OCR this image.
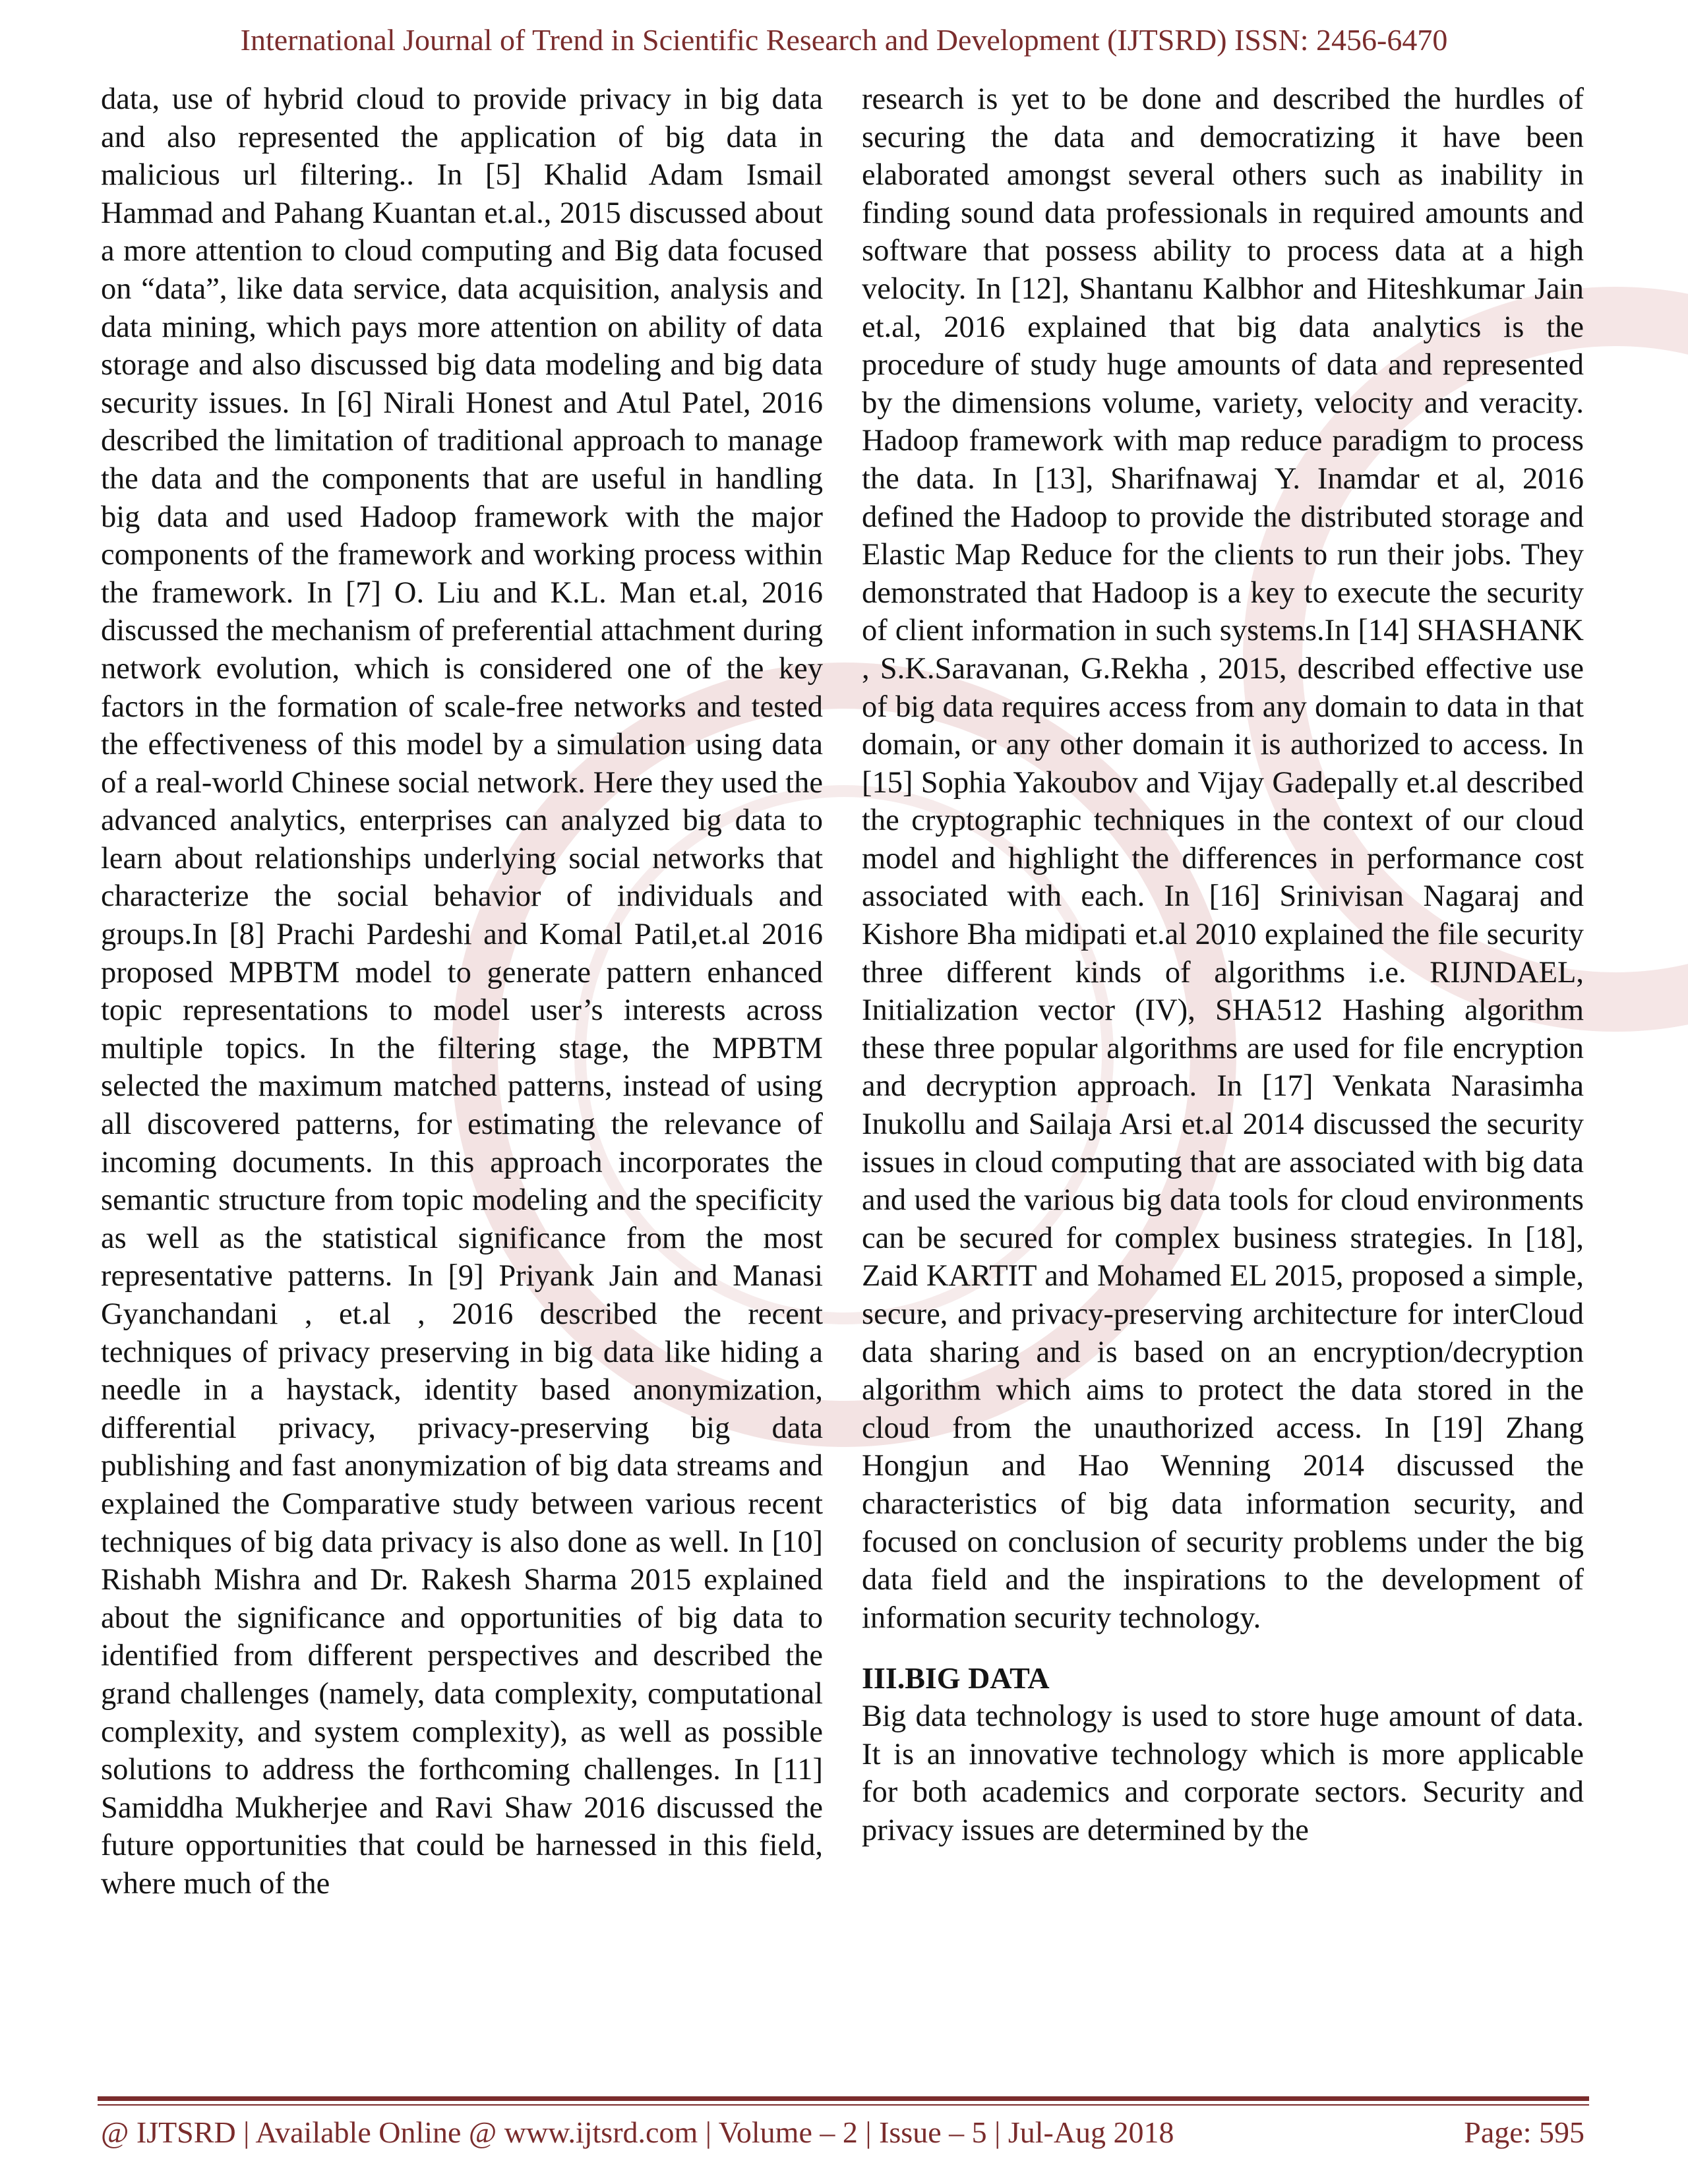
International Journal of Trend in Scientific Research and Development (IJTSRD) ISSN: 2456-6470

data, use of hybrid cloud to provide privacy in big data and also represented the application of big data in malicious url filtering.. In [5] Khalid Adam Ismail Hammad and Pahang Kuantan et.al., 2015 discussed about a more attention to cloud computing and Big data focused on “data”, like data service, data acquisition, analysis and data mining, which pays more attention on ability of data storage and also discussed big data modeling and big data security issues. In [6] Nirali Honest and Atul Patel, 2016 described the limitation of traditional approach to manage the data and the components that are useful in handling big data and used Hadoop framework with the major components of the framework and working process within the framework. In [7] O. Liu and K.L. Man et.al, 2016 discussed the mechanism of preferential attachment during network evolution, which is considered one of the key factors in the formation of scale-free networks and tested the effectiveness of this model by a simulation using data of a real-world Chinese social network. Here they used the advanced analytics, enterprises can analyzed big data to learn about relationships underlying social networks that characterize the social behavior of individuals and groups.In [8] Prachi Pardeshi and Komal Patil,et.al 2016 proposed MPBTM model to generate pattern enhanced topic representations to model user’s interests across multiple topics. In the filtering stage, the MPBTM selected the maximum matched patterns, instead of using all discovered patterns, for estimating the relevance of incoming documents. In this approach incorporates the semantic structure from topic modeling and the specificity as well as the statistical significance from the most representative patterns. In [9] Priyank Jain and Manasi Gyanchandani , et.al , 2016 described the recent techniques of privacy preserving in big data like hiding a needle in a haystack, identity based anonymization, differential privacy, privacy-preserving big data publishing and fast anonymization of big data streams and explained the Comparative study between various recent techniques of big data privacy is also done as well. In [10] Rishabh Mishra and Dr. Rakesh Sharma 2015 explained about the significance and opportunities of big data to identified from different perspectives and described the grand challenges (namely, data complexity, computational complexity, and system complexity), as well as possible solutions to address the forthcoming challenges. In [11] Samiddha Mukherjee and Ravi Shaw 2016 discussed the future opportunities that could be harnessed in this field, where much of the

research is yet to be done and described the hurdles of securing the data and democratizing it have been elaborated amongst several others such as inability in finding sound data professionals in required amounts and software that possess ability to process data at a high velocity. In [12], Shantanu Kalbhor and Hiteshkumar Jain et.al, 2016 explained that big data analytics is the procedure of study huge amounts of data and represented by the dimensions volume, variety, velocity and veracity. Hadoop framework with map reduce paradigm to process the data. In [13], Sharifnawaj Y. Inamdar et al, 2016 defined the Hadoop to provide the distributed storage and Elastic Map Reduce for the clients to run their jobs. They demonstrated that Hadoop is a key to execute the security of client information in such systems.In [14] SHASHANK , S.K.Saravanan, G.Rekha , 2015, described effective use of big data requires access from any domain to data in that domain, or any other domain it is authorized to access. In [15] Sophia Yakoubov and Vijay Gadepally et.al described the cryptographic techniques in the context of our cloud model and highlight the differences in performance cost associated with each. In [16] Srinivisan Nagaraj and Kishore Bha midipati et.al 2010 explained the file security three different kinds of algorithms i.e. RIJNDAEL, Initialization vector (IV), SHA512 Hashing algorithm these three popular algorithms are used for file encryption and decryption approach. In [17] Venkata Narasimha Inukollu and Sailaja Arsi et.al 2014 discussed the security issues in cloud computing that are associated with big data and used the various big data tools for cloud environments can be secured for complex business strategies. In [18], Zaid KARTIT and Mohamed EL 2015, proposed a simple, secure, and privacy-preserving architecture for interCloud data sharing and is based on an encryption/decryption algorithm which aims to protect the data stored in the cloud from the unauthorized access. In [19] Zhang Hongjun and Hao Wenning 2014 discussed the characteristics of big data information security, and focused on conclusion of security problems under the big data field and the inspirations to the development of information security technology.

III.BIG DATA

Big data technology is used to store huge amount of data. It is an innovative technology which is more applicable for both academics and corporate sectors. Security and privacy issues are determined by the

@ IJTSRD | Available Online @ www.ijtsrd.com | Volume – 2 | Issue – 5 | Jul-Aug 2018	Page: 595
